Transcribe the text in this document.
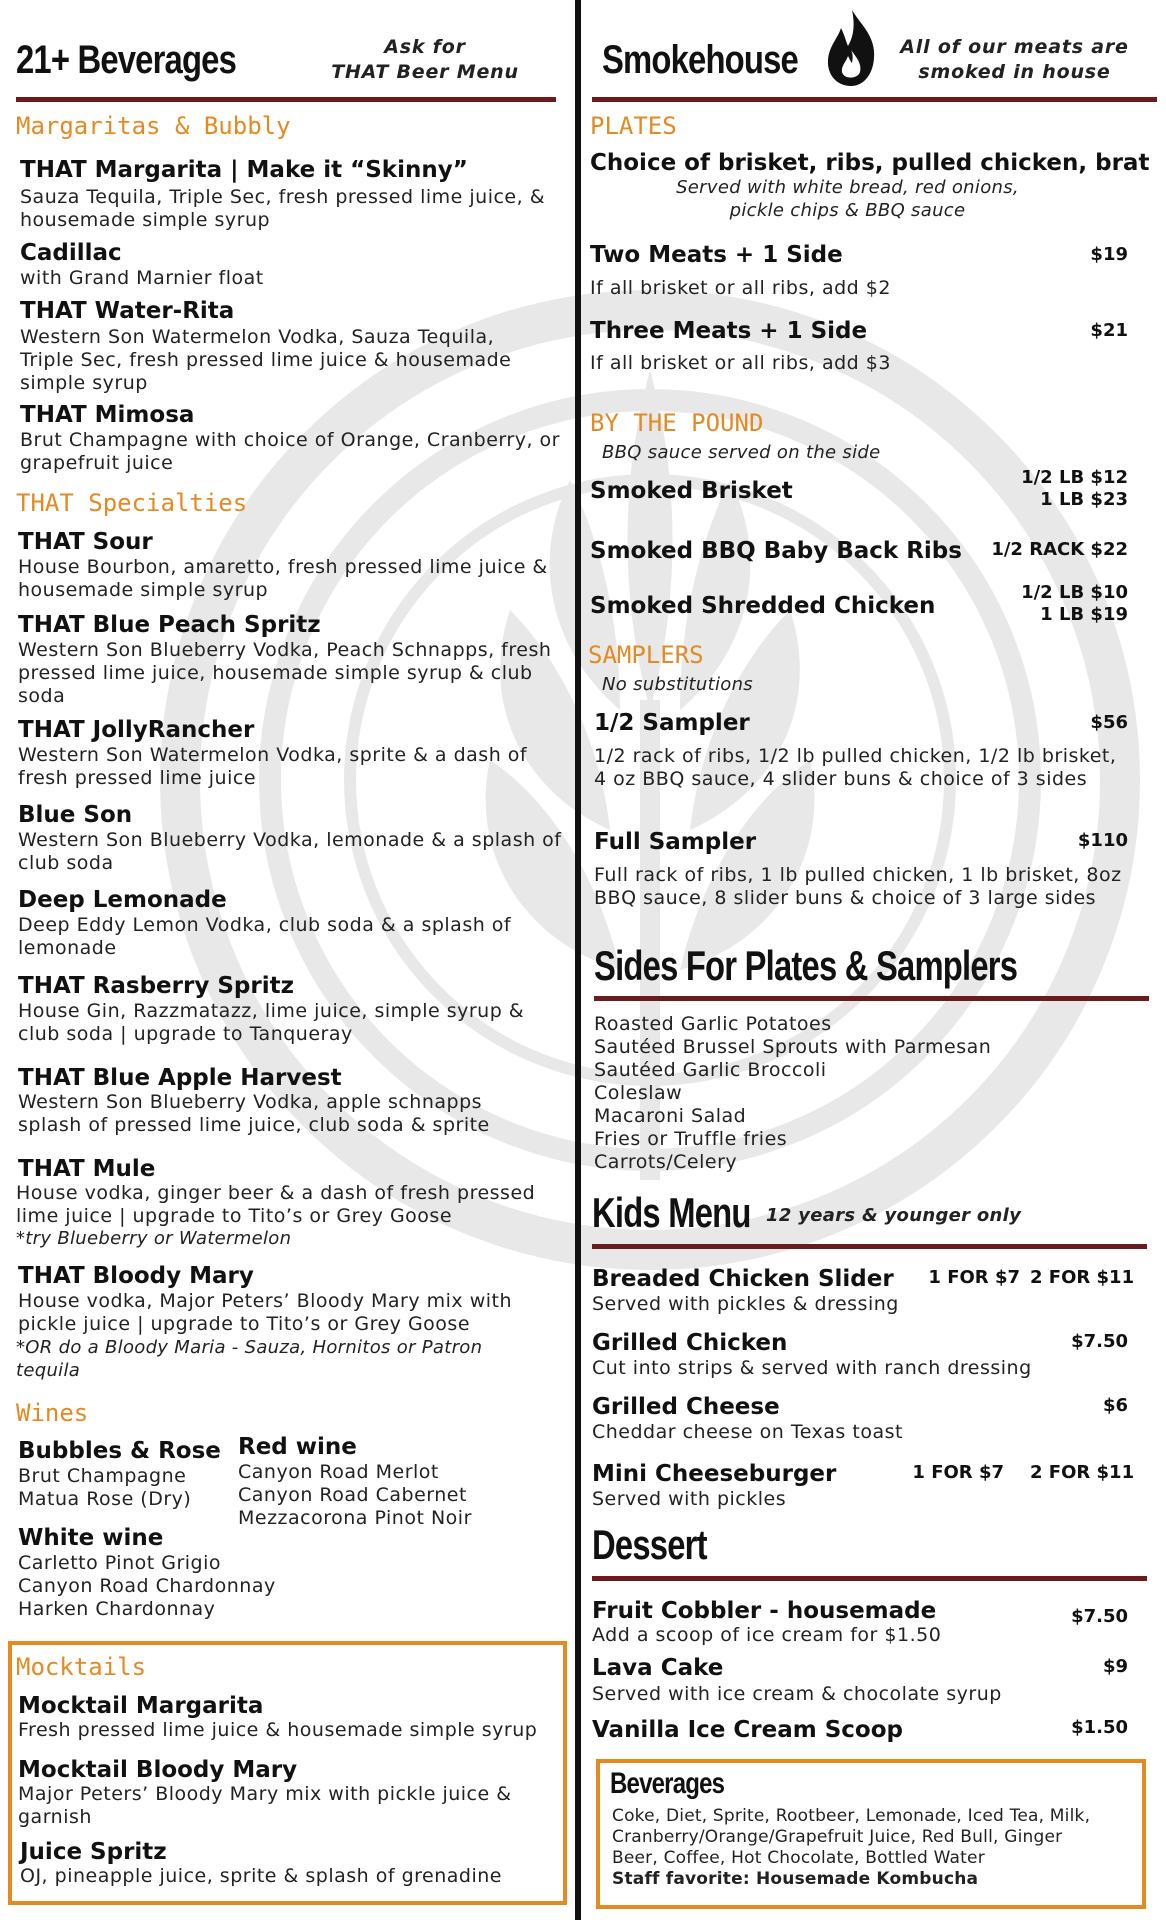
21+ Beverages	Ask for
THAT Beer Menu
Margaritas & Bubbly
THAT Margarita | Make it “Skinny”
Sauza Tequila, Triple Sec, fresh pressed lime juice, & housemade simple syrup
Cadillac
with Grand Marnier float
THAT Water-Rita
Western Son Watermelon Vodka, Sauza Tequila, Triple Sec, fresh pressed lime juice & housemade simple syrup
THAT Mimosa
Brut Champagne with choice of Orange, Cranberry, or grapefruit juice
THAT Specialties
THAT Sour
House Bourbon, amaretto, fresh pressed lime juice & housemade simple syrup
THAT Blue Peach Spritz
Western Son Blueberry Vodka, Peach Schnapps, fresh pressed lime juice, housemade simple syrup & club soda
THAT JollyRancher
Western Son Watermelon Vodka, sprite & a dash of fresh pressed lime juice
Blue Son
Western Son Blueberry Vodka, lemonade & a splash of club soda
Deep Lemonade
Deep Eddy Lemon Vodka, club soda & a splash of lemonade
THAT Rasberry Spritz
House Gin, Razzmatazz, lime juice, simple syrup & club soda | upgrade to Tanqueray
THAT Blue Apple Harvest
Western Son Blueberry Vodka, apple schnapps splash of pressed lime juice, club soda & sprite
THAT Mule
House vodka, ginger beer & a dash of fresh pressed lime juice | upgrade to Tito’s or Grey Goose
*try Blueberry or Watermelon
THAT Bloody Mary
House vodka, Major Peters’ Bloody Mary mix with pickle juice | upgrade to Tito’s or Grey Goose
*OR do a Bloody Maria - Sauza, Hornitos or Patron tequila
Wines
Bubbles & Rose
Brut Champagne
Matua Rose (Dry)
Red wine
Canyon Road Merlot
Canyon Road Cabernet
Mezzacorona Pinot Noir
White wine
Carletto Pinot Grigio
Canyon Road Chardonnay
Harken Chardonnay
Mocktails
Mocktail Margarita
Fresh pressed lime juice & housemade simple syrup
Mocktail Bloody Mary
Major Peters’ Bloody Mary mix with pickle juice & garnish
Juice Spritz
OJ, pineapple juice, sprite & splash of grenadine
Smokehouse	All of our meats are
smoked in house
PLATES
Choice of brisket, ribs, pulled chicken, brat
Served with white bread, red onions,
pickle chips & BBQ sauce
Two Meats + 1 Side	$19
If all brisket or all ribs, add $2
Three Meats + 1 Side	$21
If all brisket or all ribs, add $3
BY THE POUND
BBQ sauce served on the side
Smoked Brisket
1/2 LB $12
1 LB $23
Smoked BBQ Baby Back Ribs	1/2 RACK $22
Smoked Shredded Chicken
1/2 LB $10
1 LB $19
SAMPLERS
No substitutions
1/2 Sampler	$56
1/2 rack of ribs, 1/2 lb pulled chicken, 1/2 lb brisket, 4 oz BBQ sauce, 4 slider buns & choice of 3 sides
Full Sampler	$110
Full rack of ribs, 1 lb pulled chicken, 1 lb brisket, 8oz BBQ sauce, 8 slider buns & choice of 3 large sides
Sides For Plates & Samplers
Roasted Garlic Potatoes
Sautéed Brussel Sprouts with Parmesan
Sautéed Garlic Broccoli
Coleslaw
Macaroni Salad
Fries or Truffle fries
Carrots/Celery
Kids Menu 12 years & younger only
Breaded Chicken Slider	1 FOR $7 2 FOR $11
Served with pickles & dressing
Grilled Chicken	$7.50
Cut into strips & served with ranch dressing
Grilled Cheese	$6
Cheddar cheese on Texas toast
Mini Cheeseburger	1 FOR $7 2 FOR $11
Served with pickles
Dessert
Fruit Cobbler - housemade	$7.50
Add a scoop of ice cream for $1.50
Lava Cake	$9
Served with ice cream & chocolate syrup
Vanilla Ice Cream Scoop	$1.50
Beverages
Coke, Diet, Sprite, Rootbeer, Lemonade, Iced Tea, Milk,
Cranberry/Orange/Grapefruit Juice, Red Bull, Ginger
Beer, Coffee, Hot Chocolate, Bottled Water
Staff favorite: Housemade Kombucha
